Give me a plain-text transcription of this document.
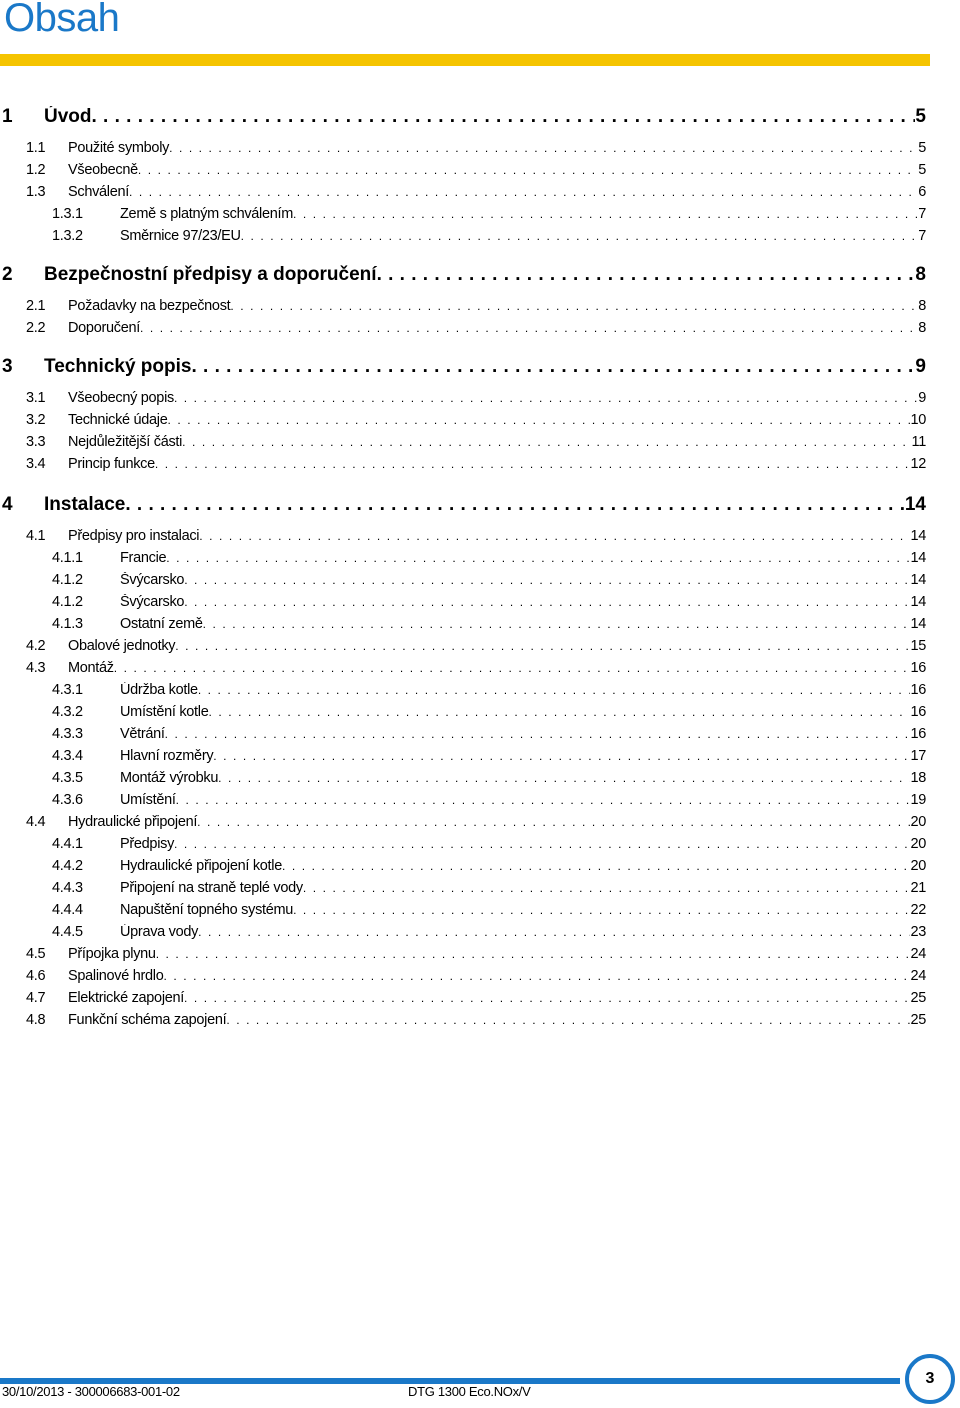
Obsah
1	Úvod . . .	5
1.1	Použité symboly . . .	5
1.2	Všeobecně . . .	5
1.3	Schválení . . .	6
1.3.1	Země s platným schválením . . .	7
1.3.2	Směrnice 97/23/EU . . .	7
2	Bezpečnostní předpisy a doporučení . . .	8
2.1	Požadavky na bezpečnost . . .	8
2.2	Doporučení . . .	8
3	Technický popis . . .	9
3.1	Všeobecný popis . . .	9
3.2	Technické údaje . . .	10
3.3	Nejdůležitější části . . .	11
3.4	Princip funkce . . .	12
4	Instalace . . .	14
4.1	Předpisy pro instalaci . . .	14
4.1.1	Francie . . .	14
4.1.2	Švýcarsko . . .	14
4.1.2	Švýcarsko . . .	14
4.1.3	Ostatní země . . .	14
4.2	Obalové jednotky . . .	15
4.3	Montáž . . .	16
4.3.1	Údržba kotle . . .	16
4.3.2	Umístění kotle . . .	16
4.3.3	Větrání . . .	16
4.3.4	Hlavní rozměry . . .	17
4.3.5	Montáž výrobku . . .	18
4.3.6	Umístění . . .	19
4.4	Hydraulické připojení . . .	20
4.4.1	Předpisy . . .	20
4.4.2	Hydraulické připojení kotle . . .	20
4.4.3	Připojení na straně teplé vody . . .	21
4.4.4	Napuštění topného systému . . .	22
4.4.5	Úprava vody . . .	23
4.5	Přípojka plynu . . .	24
4.6	Spalinové hrdlo . . .	24
4.7	Elektrické zapojení . . .	25
4.8	Funkční schéma zapojení . . .	25
30/10/2013 - 300006683-001-02	DTG 1300 Eco.NOx/V
3
